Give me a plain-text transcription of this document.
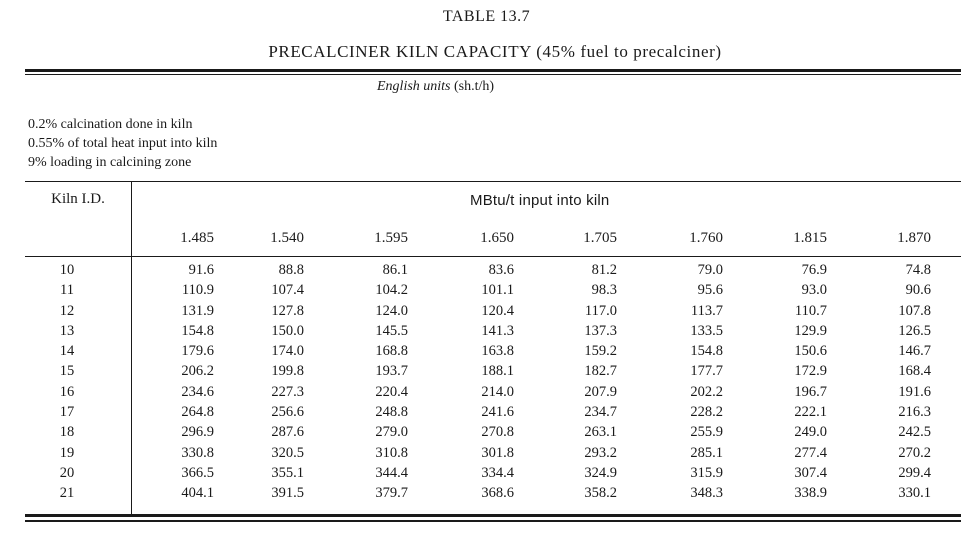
TABLE 13.7
PRECALCINER KILN CAPACITY (45% fuel to precalciner)
English units (sh.t/h)
0.2% calcination done in kiln
0.55% of total heat input into kiln
9% loading in calcining zone
Kiln I.D.	MBtu/t input into kiln
1.485	1.540	1.595	1.650	1.705	1.760	1.815	1.870
10	91.6	88.8	86.1	83.6	81.2	79.0	76.9	74.8
11	110.9	107.4	104.2	101.1	98.3	95.6	93.0	90.6
12	131.9	127.8	124.0	120.4	117.0	113.7	110.7	107.8
13	154.8	150.0	145.5	141.3	137.3	133.5	129.9	126.5
14	179.6	174.0	168.8	163.8	159.2	154.8	150.6	146.7
15	206.2	199.8	193.7	188.1	182.7	177.7	172.9	168.4
16	234.6	227.3	220.4	214.0	207.9	202.2	196.7	191.6
17	264.8	256.6	248.8	241.6	234.7	228.2	222.1	216.3
18	296.9	287.6	279.0	270.8	263.1	255.9	249.0	242.5
19	330.8	320.5	310.8	301.8	293.2	285.1	277.4	270.2
20	366.5	355.1	344.4	334.4	324.9	315.9	307.4	299.4
21	404.1	391.5	379.7	368.6	358.2	348.3	338.9	330.1
